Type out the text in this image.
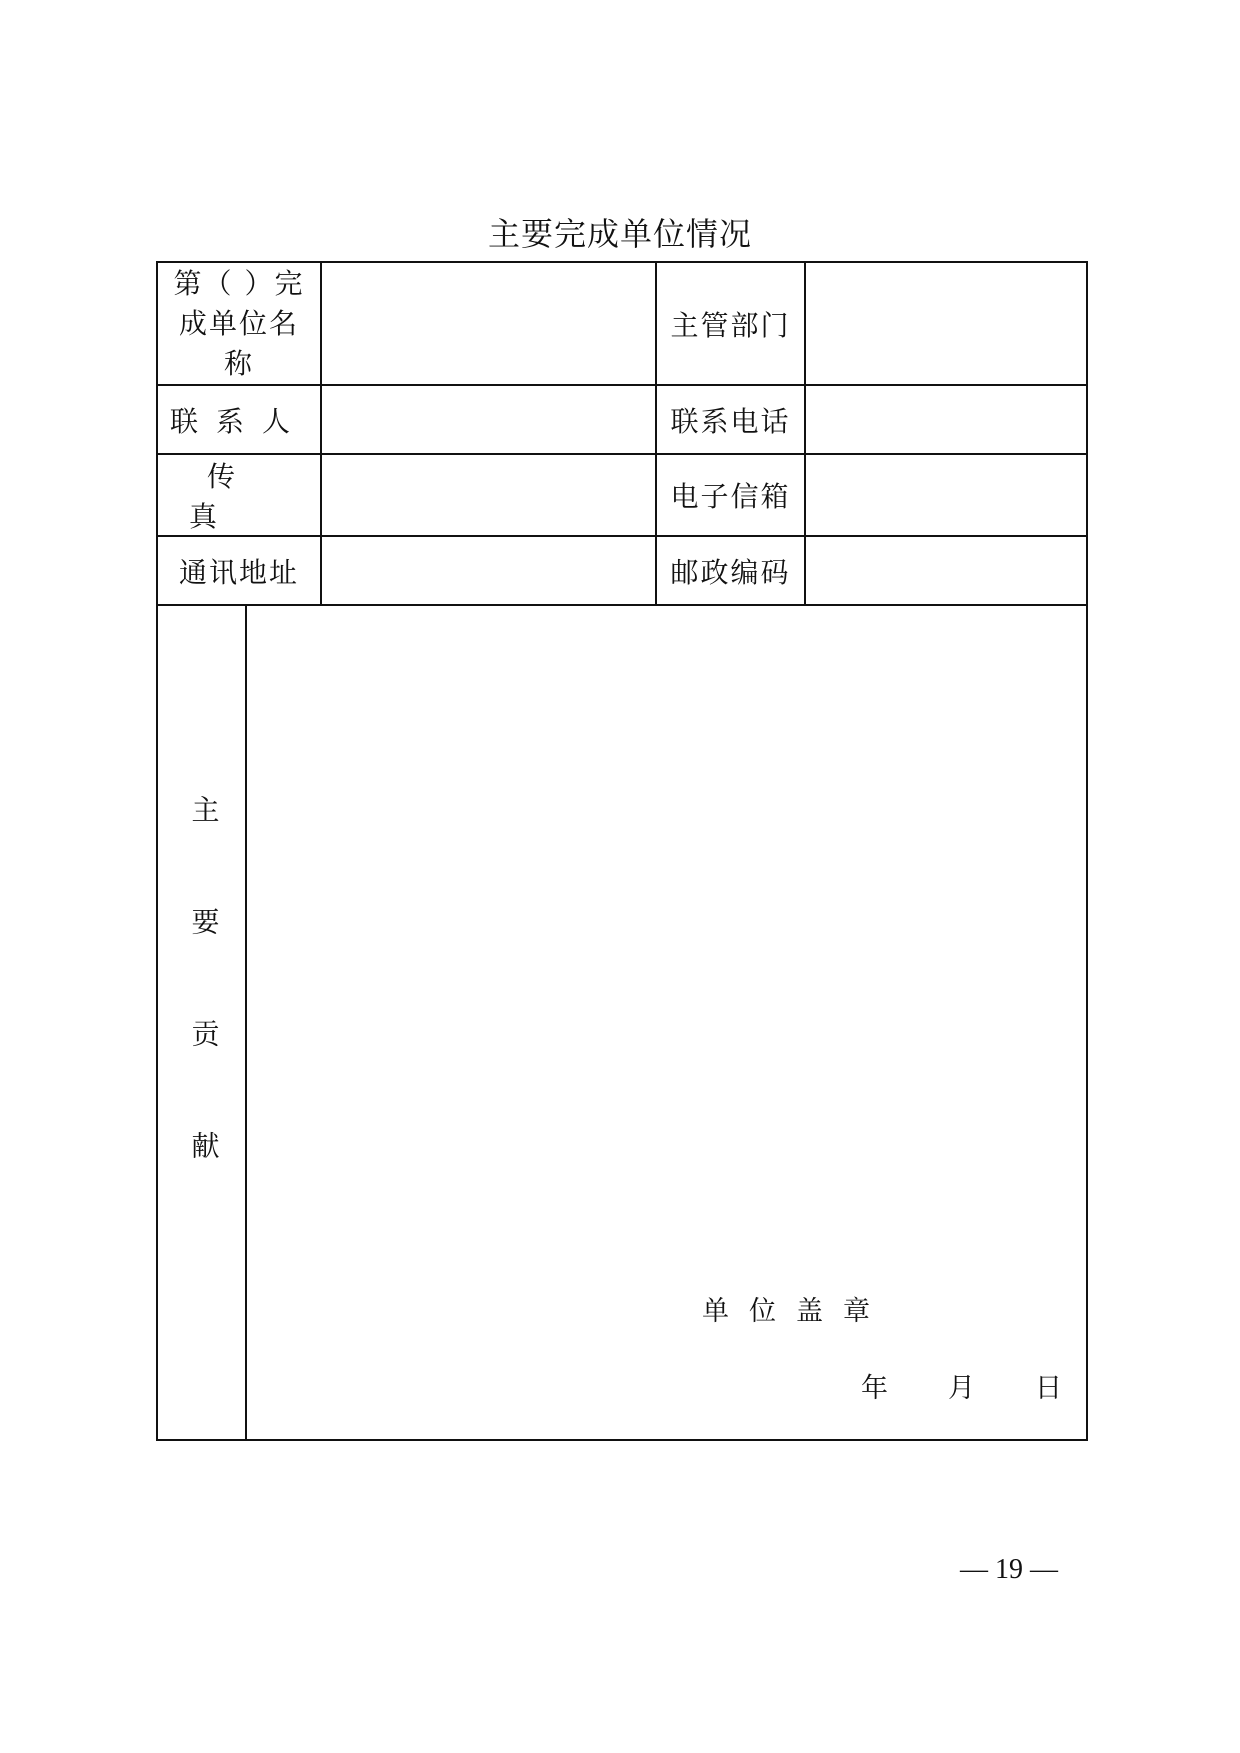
主要完成单位情况
第（ ）完成单位名称			主管部门	
联系人			联系电话	
传真			电子信箱	
通讯地址			邮政编码	
主要贡献	单位盖章
年 月 日			
— 19 —
